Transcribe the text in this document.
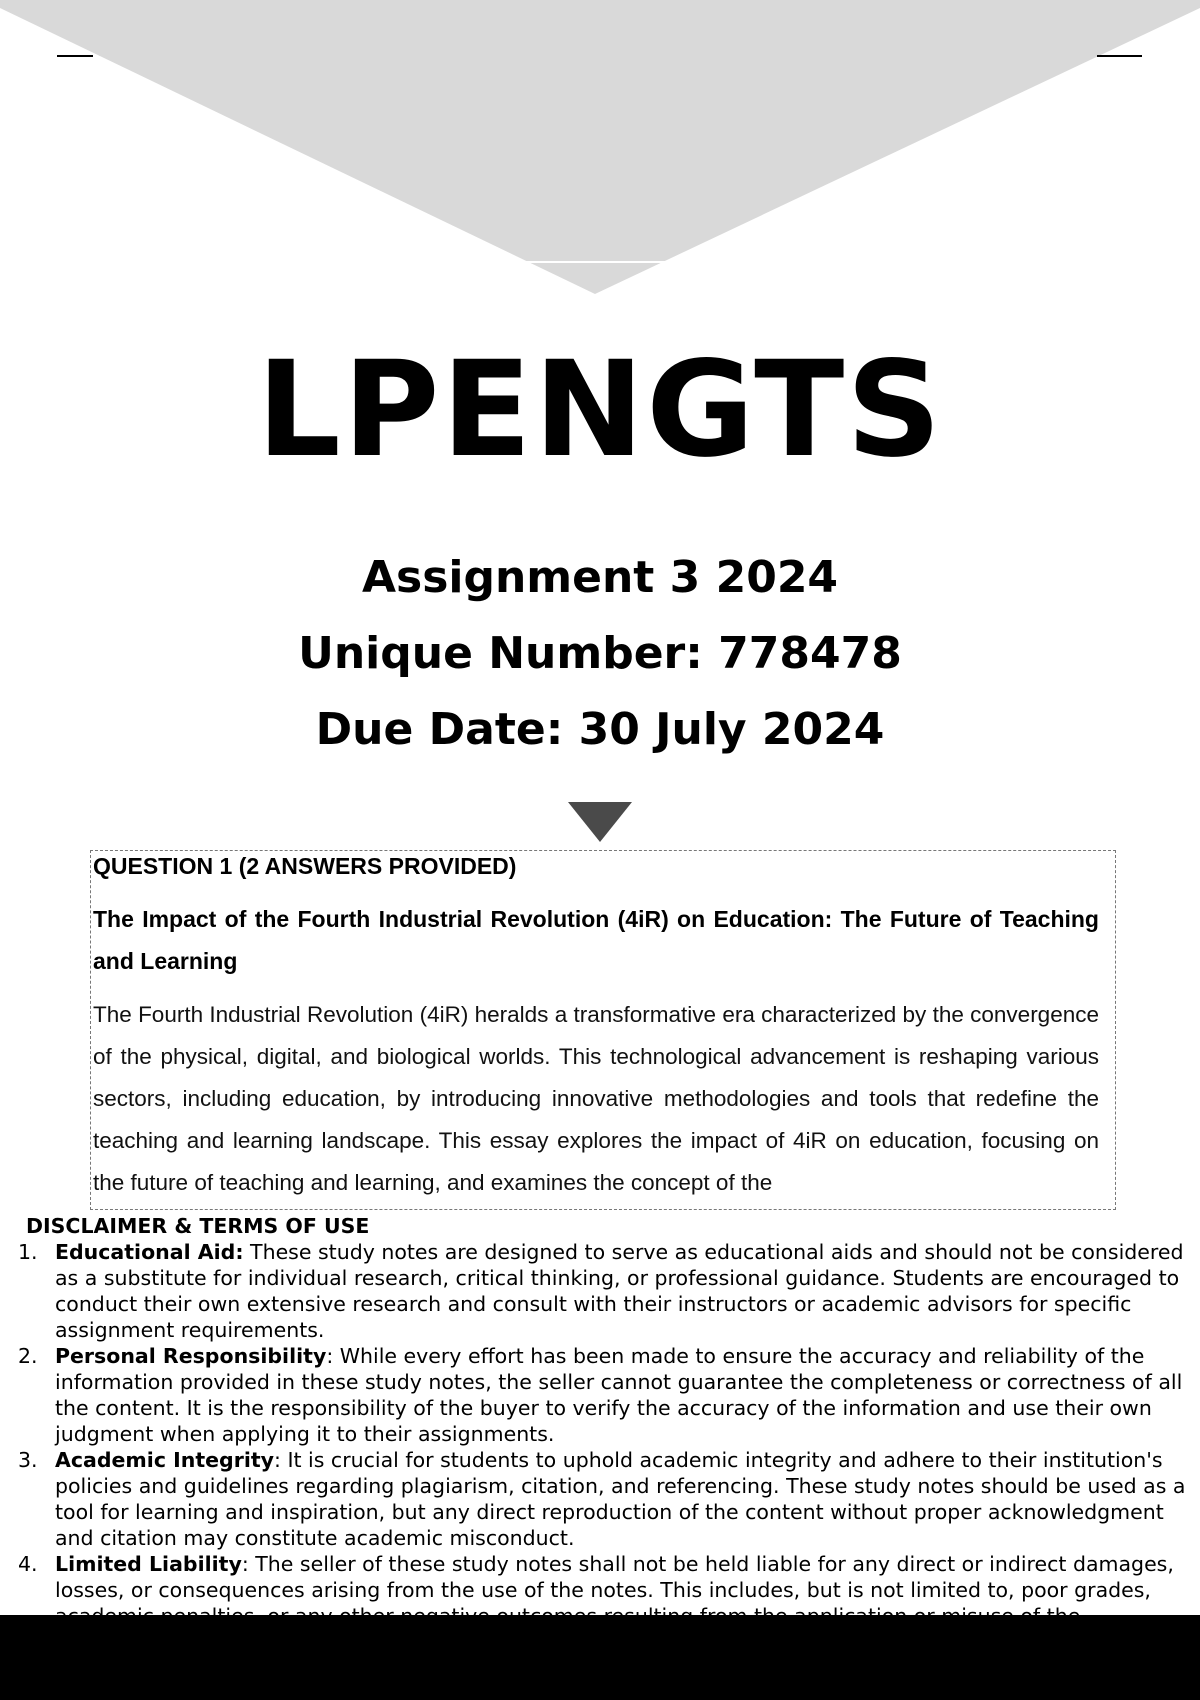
LPENGTS

Assignment 3 2024

Unique Number: 778478

Due Date: 30 July 2024

QUESTION 1 (2 ANSWERS PROVIDED)

The Impact of the Fourth Industrial Revolution (4iR) on Education: The Future of Teaching and Learning

The Fourth Industrial Revolution (4iR) heralds a transformative era characterized by the convergence of the physical, digital, and biological worlds. This technological advancement is reshaping various sectors, including education, by introducing innovative methodologies and tools that redefine the teaching and learning landscape. This essay explores the impact of 4iR on education, focusing on the future of teaching and learning, and examines the concept of the

DISCLAIMER & TERMS OF USE

1. Educational Aid: These study notes are designed to serve as educational aids and should not be considered as a substitute for individual research, critical thinking, or professional guidance. Students are encouraged to conduct their own extensive research and consult with their instructors or academic advisors for specific assignment requirements.
2. Personal Responsibility: While every effort has been made to ensure the accuracy and reliability of the information provided in these study notes, the seller cannot guarantee the completeness or correctness of all the content. It is the responsibility of the buyer to verify the accuracy of the information and use their own judgment when applying it to their assignments.
3. Academic Integrity: It is crucial for students to uphold academic integrity and adhere to their institution's policies and guidelines regarding plagiarism, citation, and referencing. These study notes should be used as a tool for learning and inspiration, but any direct reproduction of the content without proper acknowledgment and citation may constitute academic misconduct.
4. Limited Liability: The seller of these study notes shall not be held liable for any direct or indirect damages, losses, or consequences arising from the use of the notes. This includes, but is not limited to, poor grades,
